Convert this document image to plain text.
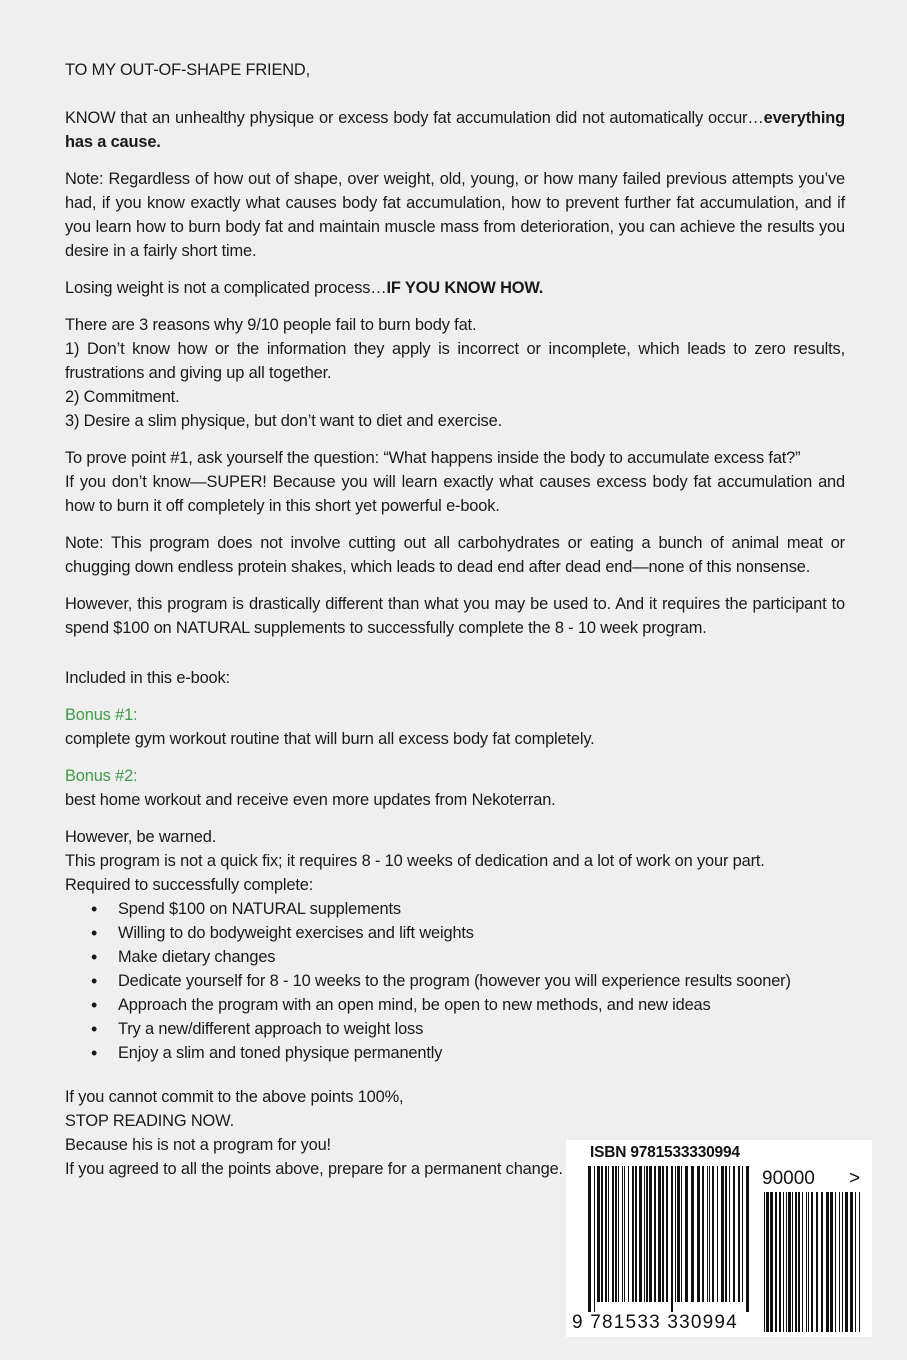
TO MY OUT-OF-SHAPE FRIEND,

KNOW that an unhealthy physique or excess body fat accumulation did not automatically occur…everything has a cause.

Note: Regardless of how out of shape, over weight, old, young, or how many failed previous attempts you’ve had, if you know exactly what causes body fat accumulation, how to prevent further fat accumulation, and if you learn how to burn body fat and maintain muscle mass from deterioration, you can achieve the results you desire in a fairly short time.

Losing weight is not a complicated process…IF YOU KNOW HOW.

There are 3 reasons why 9/10 people fail to burn body fat.
1) Don’t know how or the information they apply is incorrect or incomplete, which leads to zero results, frustrations and giving up all together.
2) Commitment.
3) Desire a slim physique, but don’t want to diet and exercise.
To prove point #1, ask yourself the question: “What happens inside the body to accumulate excess fat?”
If you don’t know—SUPER! Because you will learn exactly what causes excess body fat accumulation and how to burn it off completely in this short yet powerful e-book.

Note: This program does not involve cutting out all carbohydrates or eating a bunch of animal meat or chugging down endless protein shakes, which leads to dead end after dead end—none of this nonsense.

However, this program is drastically different than what you may be used to. And it requires the participant to spend $100 on NATURAL supplements to successfully complete the 8 - 10 week program.

Included in this e-book:

Bonus #1:
complete gym workout routine that will burn all excess body fat completely.
Bonus #2:
best home workout and receive even more updates from Nekoterran.
However, be warned.
This program is not a quick fix; it requires 8 - 10 weeks of dedication and a lot of work on your part.
Required to successfully complete:
• Spend $100 on NATURAL supplements
• Willing to do bodyweight exercises and lift weights
• Make dietary changes
• Dedicate yourself for 8 - 10 weeks to the program (however you will experience results sooner)
• Approach the program with an open mind, be open to new methods, and new ideas
• Try a new/different approach to weight loss
• Enjoy a slim and toned physique permanently
If you cannot commit to the above points 100%,
STOP READING NOW.
Because his is not a program for you!
If you agreed to all the points above, prepare for a permanent change.
ISBN 9781533330994
90000 >
9 781533 330994
